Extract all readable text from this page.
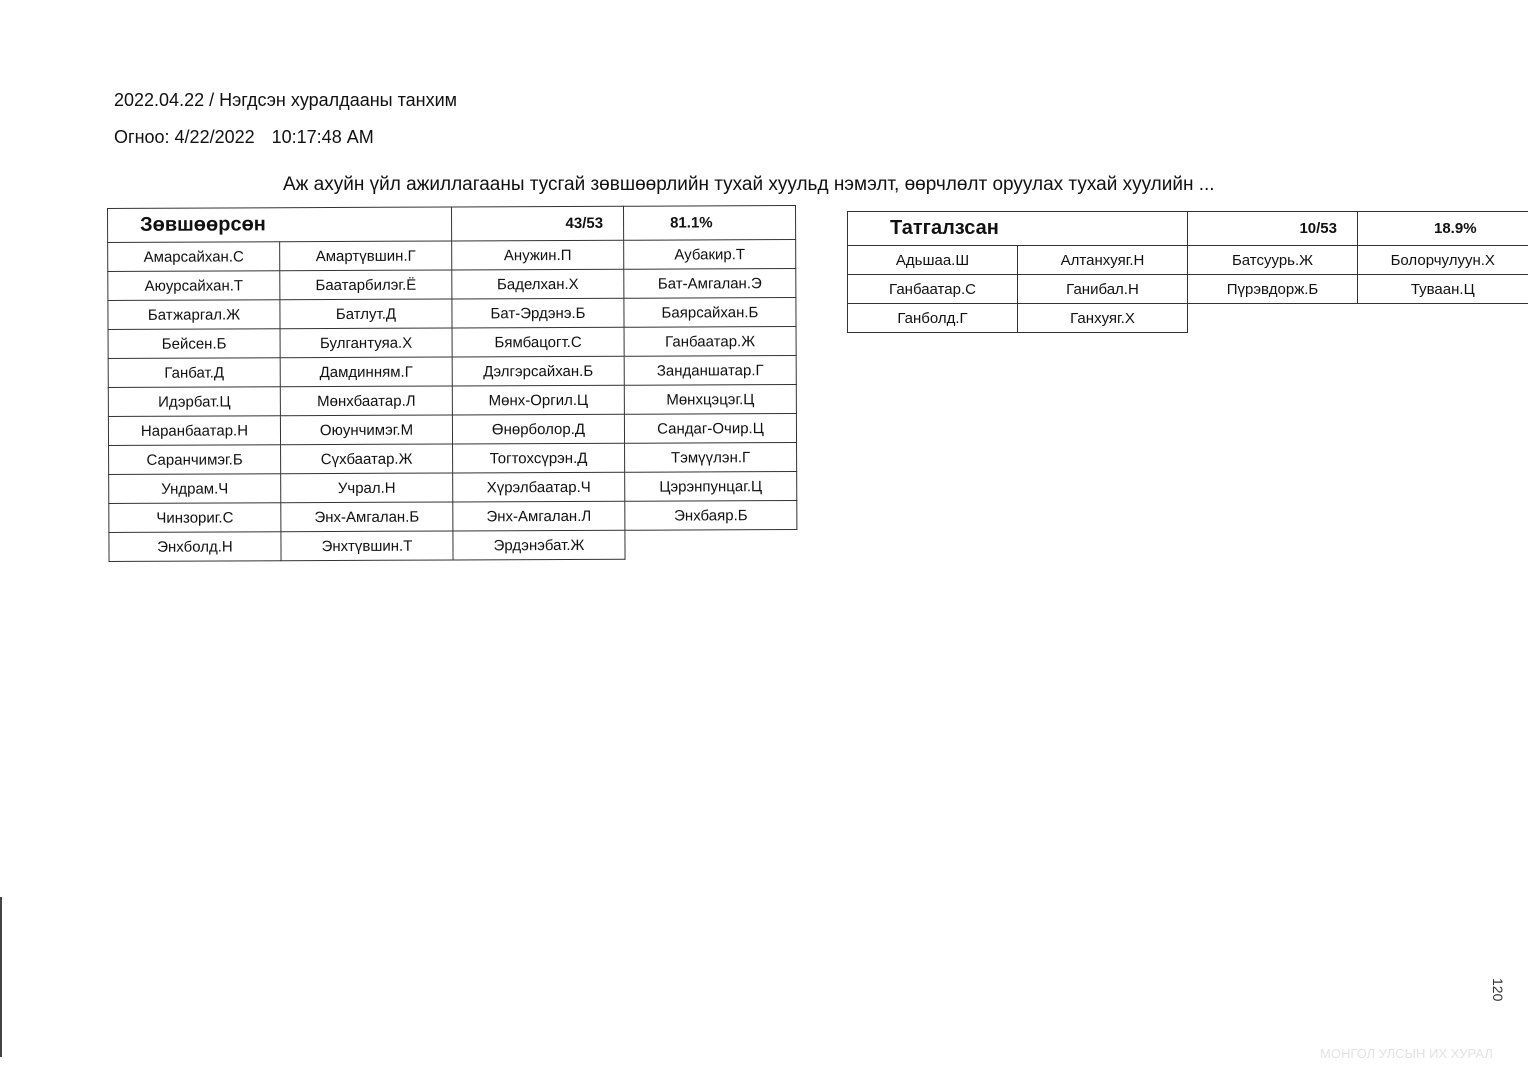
2022.04.22 / Нэгдсэн хуралдааны танхим
Огноо: 4/22/2022 10:17:48 AM
Аж ахуйн үйл ажиллагааны тусгай зөвшөөрлийн тухай хуульд нэмэлт, өөрчлөлт оруулах тухай хуулийн ...
Зөвшөөрсөн		43/53	81.1%
Амарсайхан.С	Амартүвшин.Г	Анужин.П	Аубакир.Т
Аюурсайхан.Т	Баатарбилэг.Ё	Баделхан.Х	Бат-Амгалан.Э
Батжаргал.Ж	Батлут.Д	Бат-Эрдэнэ.Б	Баярсайхан.Б
Бейсен.Б	Булгантуяа.Х	Бямбацогт.С	Ганбаатар.Ж
Ганбат.Д	Дамдинням.Г	Дэлгэрсайхан.Б	Занданшатар.Г
Идэрбат.Ц	Мөнхбаатар.Л	Мөнх-Оргил.Ц	Мөнхцэцэг.Ц
Наранбаатар.Н	Оюунчимэг.М	Өнөрболор.Д	Сандаг-Очир.Ц
Саранчимэг.Б	Сүхбаатар.Ж	Тогтохсүрэн.Д	Тэмүүлэн.Г
Ундрам.Ч	Учрал.Н	Хүрэлбаатар.Ч	Цэрэнпунцаг.Ц
Чинзориг.С	Энх-Амгалан.Б	Энх-Амгалан.Л	Энхбаяр.Б
Энхболд.Н	Энхтүвшин.Т	Эрдэнэбат.Ж	
Татгалзсан		10/53	18.9%
Адьшаа.Ш	Алтанхуяг.Н	Батсуурь.Ж	Болорчулуун.Х
Ганбаатар.С	Ганибал.Н	Пүрэвдорж.Б	Туваан.Ц
Ганболд.Г	Ганхуяг.Х		
120
МОНГОЛ УЛСЫН ИХ ХУРАЛ
